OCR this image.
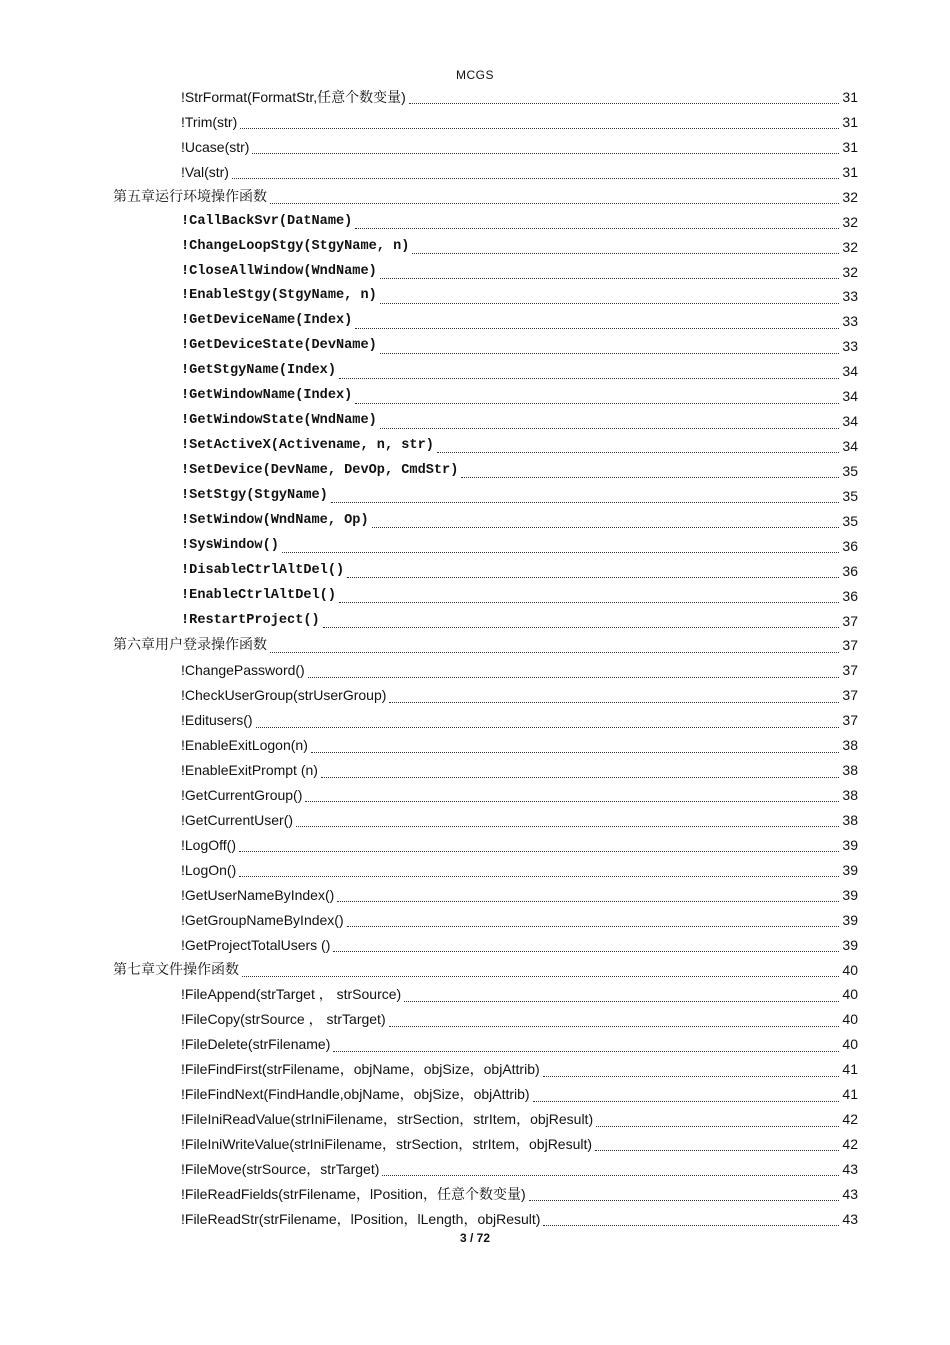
MCGS
!StrFormat(FormatStr,任意个数变量)	31
!Trim(str)	31
!Ucase(str)	31
!Val(str)	31
第五章运行环境操作函数	32
!CallBackSvr(DatName)	32
!ChangeLoopStgy(StgyName, n)	32
!CloseAllWindow(WndName)	32
!EnableStgy(StgyName, n)	33
!GetDeviceName(Index)	33
!GetDeviceState(DevName)	33
!GetStgyName(Index)	34
!GetWindowName(Index)	34
!GetWindowState(WndName)	34
!SetActiveX(Activename, n, str)	34
!SetDevice(DevName, DevOp, CmdStr)	35
!SetStgy(StgyName)	35
!SetWindow(WndName, Op)	35
!SysWindow()	36
!DisableCtrlAltDel()	36
!EnableCtrlAltDel()	36
!RestartProject()	37
第六章用户登录操作函数	37
!ChangePassword()	37
!CheckUserGroup(strUserGroup)	37
!Editusers()	37
!EnableExitLogon(n)	38
!EnableExitPrompt (n)	38
!GetCurrentGroup()	38
!GetCurrentUser()	38
!LogOff()	39
!LogOn()	39
!GetUserNameByIndex()	39
!GetGroupNameByIndex()	39
!GetProjectTotalUsers ()	39
第七章文件操作函数	40
!FileAppend(strTarget ， strSource)	40
!FileCopy(strSource ， strTarget)	40
!FileDelete(strFilename)	40
!FileFindFirst(strFilename，objName，objSize，objAttrib)	41
!FileFindNext(FindHandle,objName，objSize，objAttrib)	41
!FileIniReadValue(strIniFilename，strSection，strItem，objResult)	42
!FileIniWriteValue(strIniFilename，strSection，strItem，objResult)	42
!FileMove(strSource，strTarget)	43
!FileReadFields(strFilename，lPosition，任意个数变量)	43
!FileReadStr(strFilename，lPosition，lLength，objResult)	43
3 / 72
